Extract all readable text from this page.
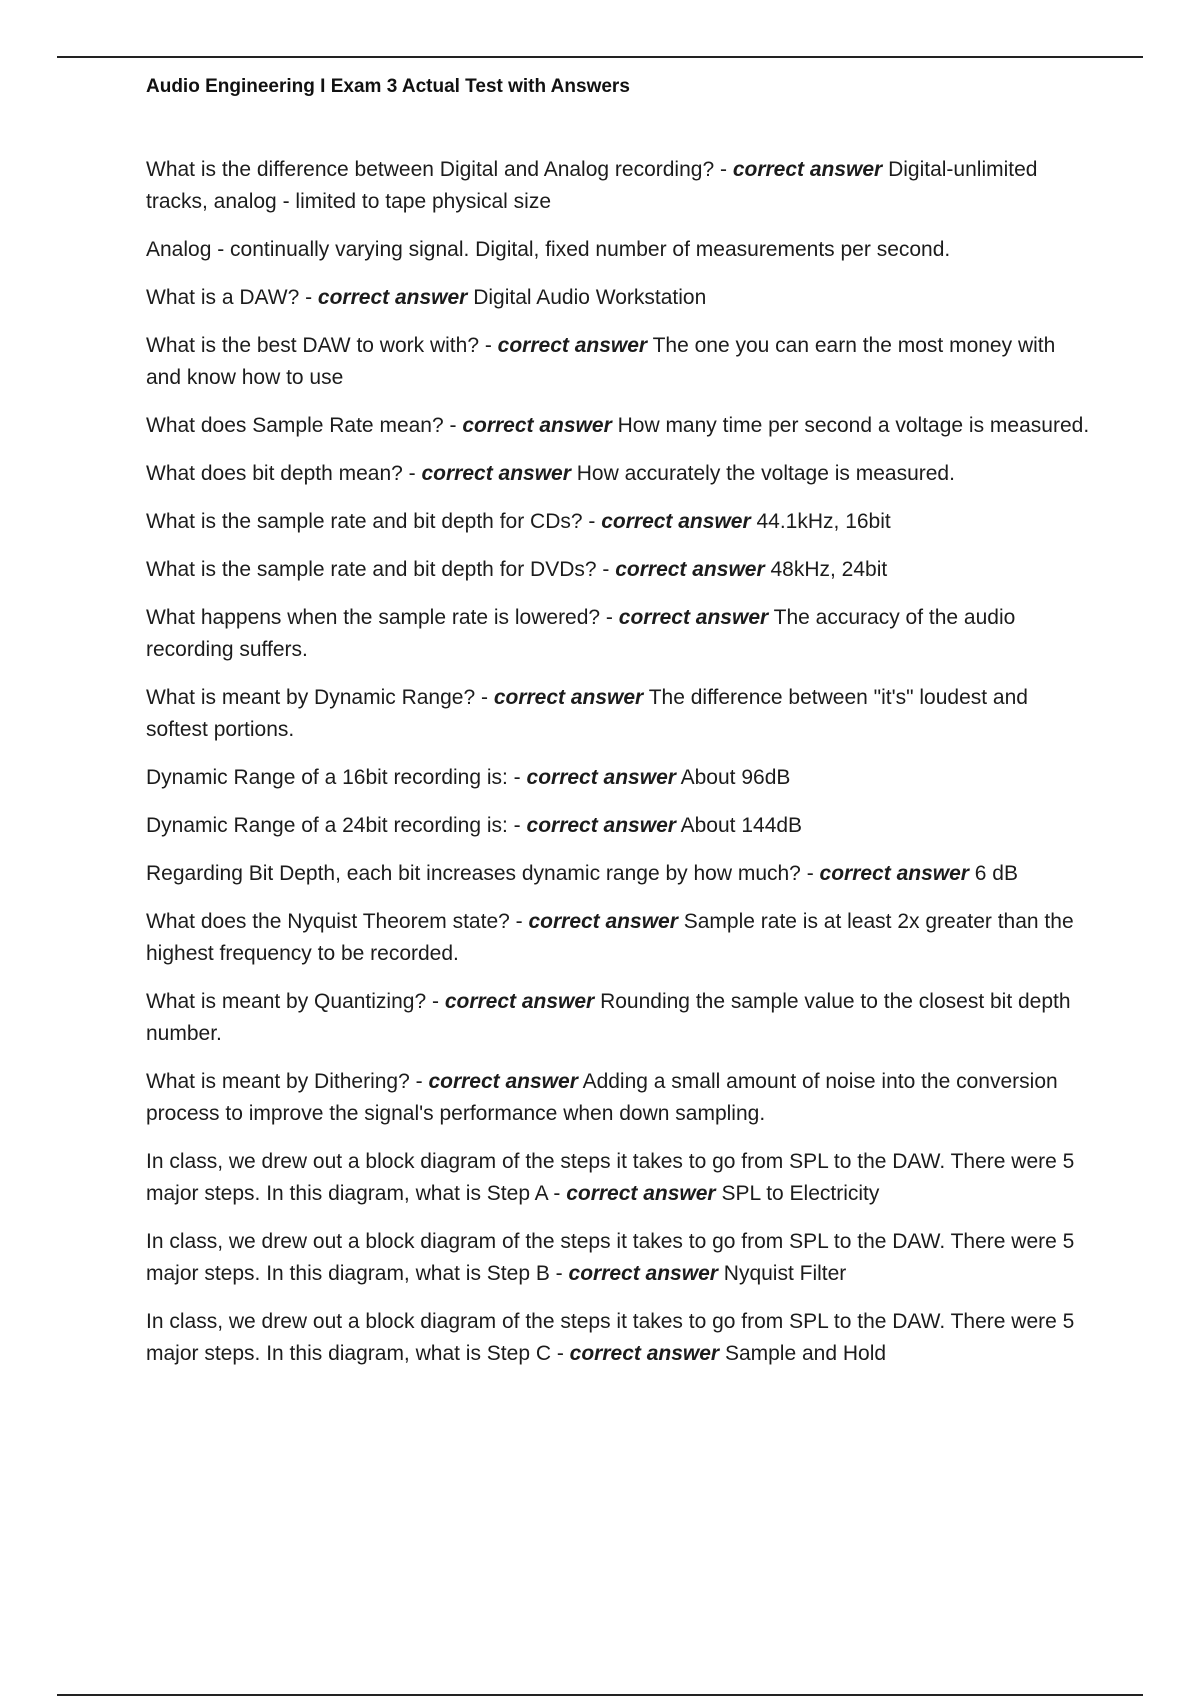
Audio Engineering I Exam 3 Actual Test with Answers

What is the difference between Digital and Analog recording? - correct answer Digital-unlimited tracks, analog - limited to tape physical size

Analog - continually varying signal. Digital, fixed number of measurements per second.

What is a DAW? - correct answer Digital Audio Workstation

What is the best DAW to work with? - correct answer The one you can earn the most money with and know how to use

What does Sample Rate mean? - correct answer How many time per second a voltage is measured.

What does bit depth mean? - correct answer How accurately the voltage is measured.

What is the sample rate and bit depth for CDs? - correct answer 44.1kHz, 16bit

What is the sample rate and bit depth for DVDs? - correct answer 48kHz, 24bit

What happens when the sample rate is lowered? - correct answer The accuracy of the audio recording suffers.

What is meant by Dynamic Range? - correct answer The difference between "it's" loudest and softest portions.

Dynamic Range of a 16bit recording is: - correct answer About 96dB

Dynamic Range of a 24bit recording is: - correct answer About 144dB

Regarding Bit Depth, each bit increases dynamic range by how much? - correct answer 6 dB

What does the Nyquist Theorem state? - correct answer Sample rate is at least 2x greater than the highest frequency to be recorded.

What is meant by Quantizing? - correct answer Rounding the sample value to the closest bit depth number.

What is meant by Dithering? - correct answer Adding a small amount of noise into the conversion process to improve the signal's performance when down sampling.

In class, we drew out a block diagram of the steps it takes to go from SPL to the DAW. There were 5 major steps. In this diagram, what is Step A - correct answer SPL to Electricity

In class, we drew out a block diagram of the steps it takes to go from SPL to the DAW. There were 5 major steps. In this diagram, what is Step B - correct answer Nyquist Filter

In class, we drew out a block diagram of the steps it takes to go from SPL to the DAW. There were 5 major steps. In this diagram, what is Step C - correct answer Sample and Hold
